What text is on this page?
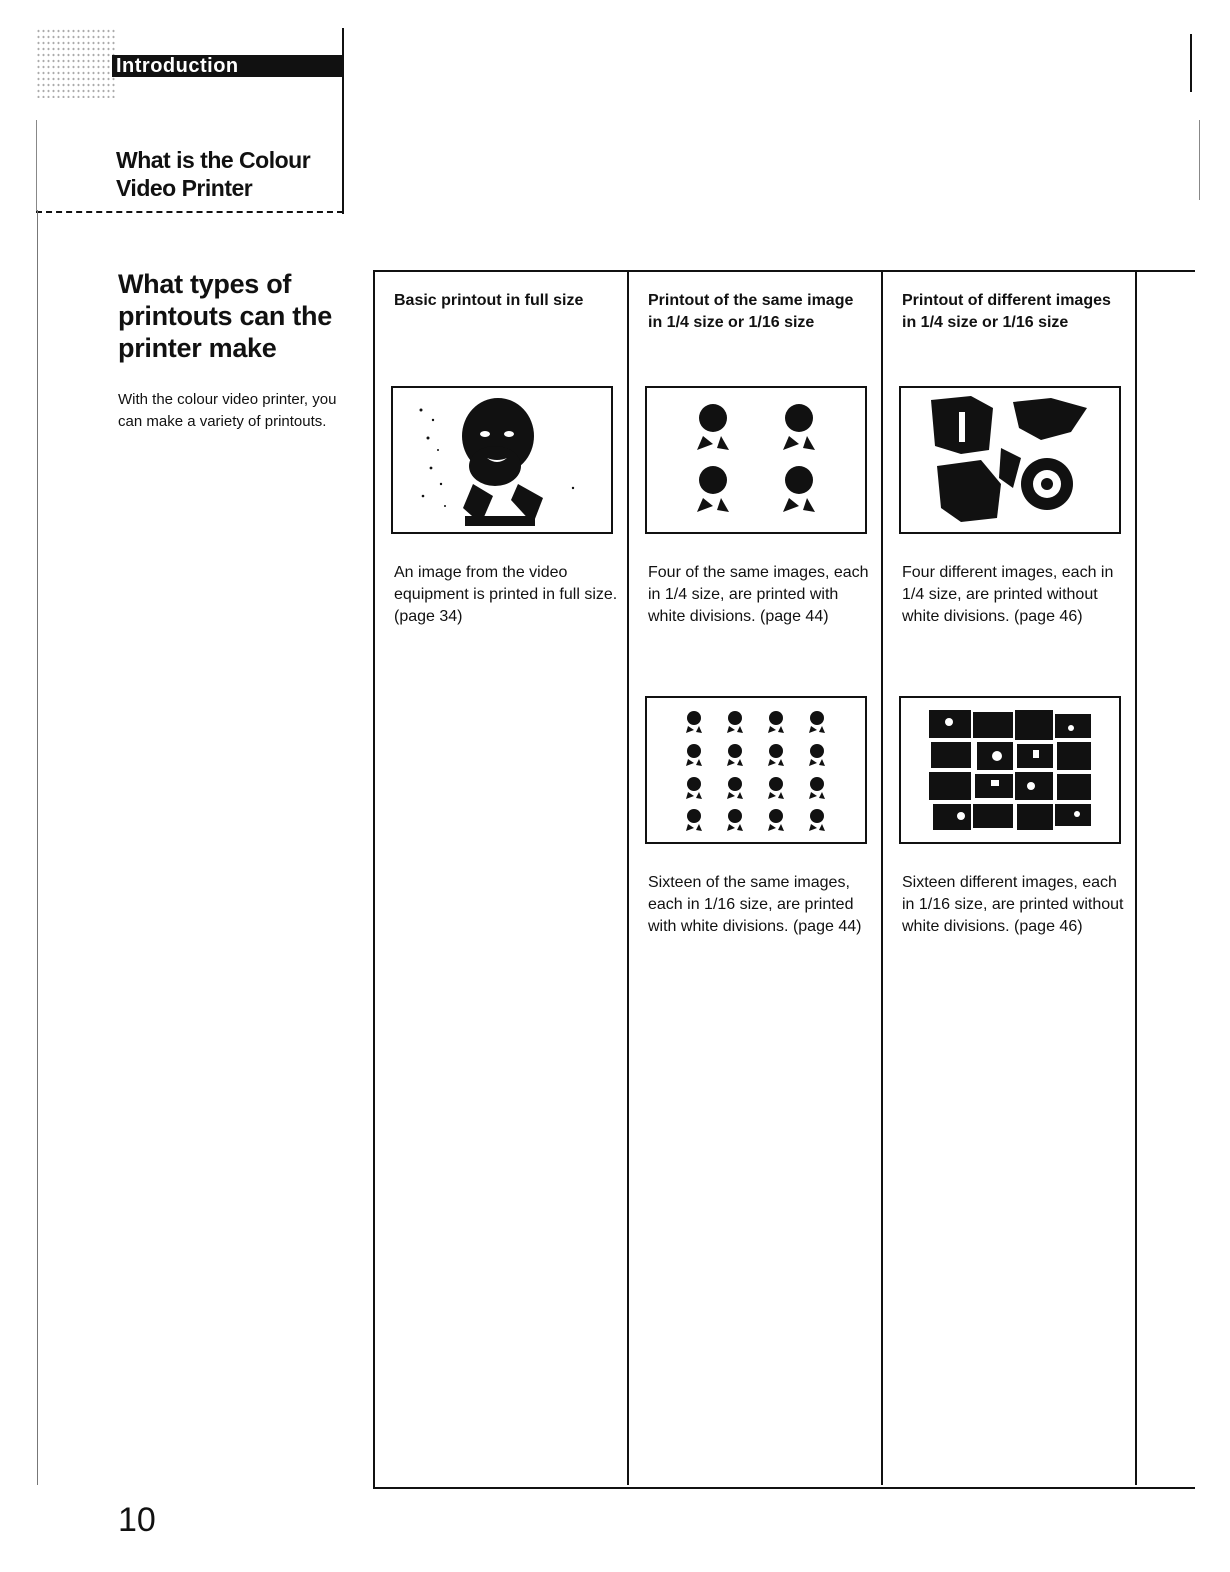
Introduction
What is the Colour
Video Printer
What types of printouts can the printer make
With the colour video printer, you can make a variety of printouts.
Basic printout in full size
An image from the video equipment is printed in full size. (page 34)
Printout of the same image in 1/4 size or 1/16 size
Four of the same images, each in 1/4 size, are printed with white divisions. (page 44)
Sixteen of the same images, each in 1/16 size, are printed with white divisions. (page 44)
Printout of different images in 1/4 size or 1/16 size
Four different images, each in 1/4 size, are printed without white divisions. (page 46)
Sixteen different images, each in 1/16 size, are printed without white divisions. (page 46)
10
